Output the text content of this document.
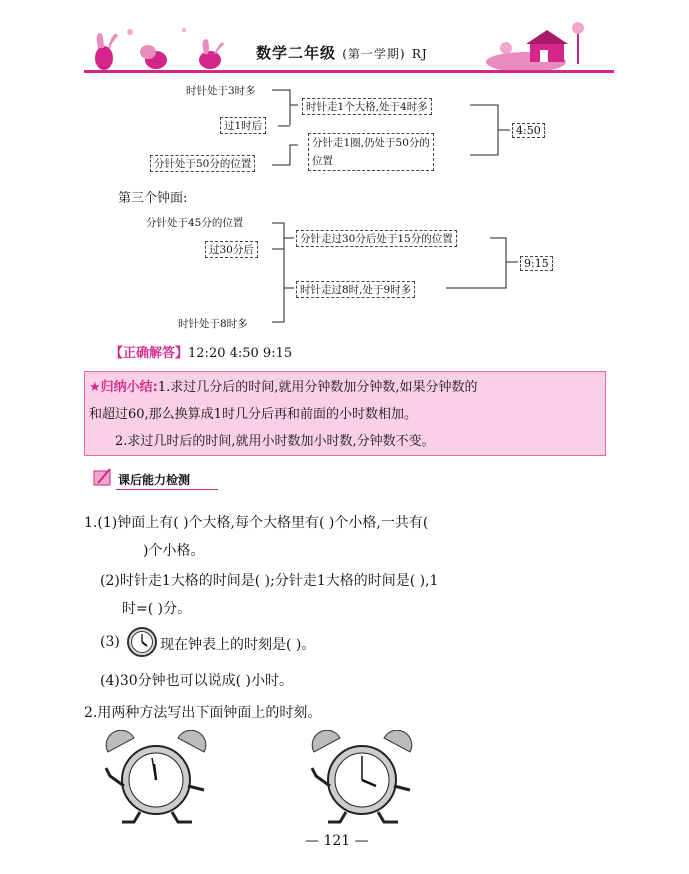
数学二年级 (第一学期) RJ
时针处于3时多
过1时后
分针处于50分的位置
时针走1个大格,处于4时多
分针走1圈,仍处于50分的
位置
4:50
第三个钟面:
分针处于45分的位置
过30分后
时针处于8时多
分针走过30分后处于15分的位置
时针走过8时,处于9时多
9:15
【正确解答】12:20 4:50 9:15
★归纳小结:1.求过几分后的时间,就用分钟数加分钟数,如果分钟数的
和超过60,那么换算成1时几分后再和前面的小时数相加。
2.求过几时后的时间,就用小时数加小时数,分钟数不变。
课后能力检测
1.(1)钟面上有( )个大格,每个大格里有( )个小格,一共有(
)个小格。
(2)时针走1大格的时间是( );分针走1大格的时间是( ),1
时=( )分。
(3)	现在钟表上的时刻是( )。
(4)30分钟也可以说成( )小时。
2.用两种方法写出下面钟面上的时刻。
— 121 —
